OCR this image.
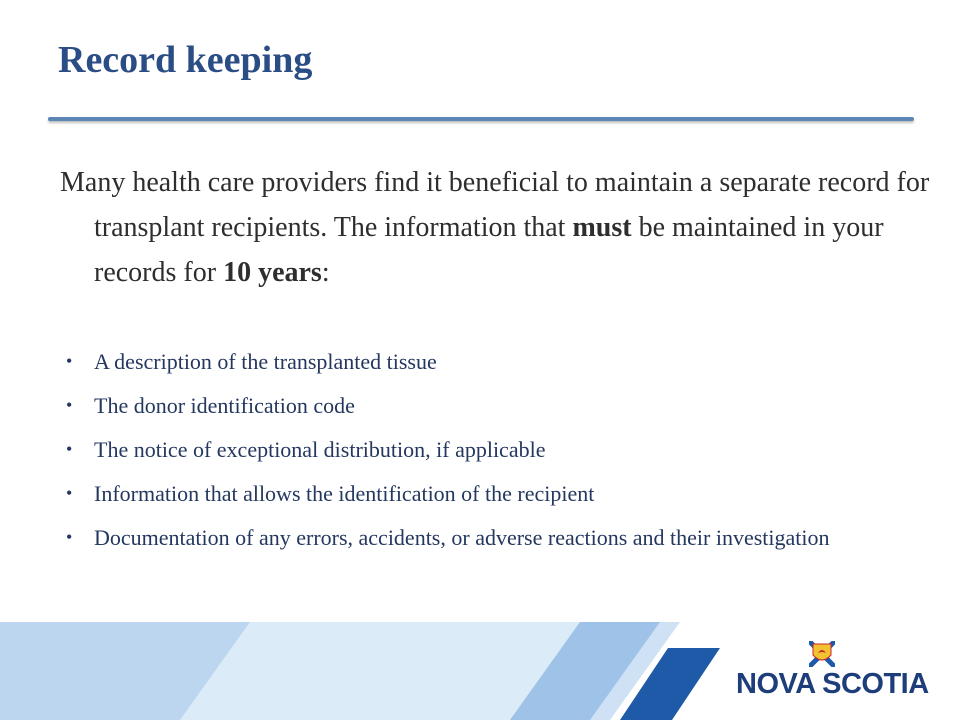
Record keeping

Many health care providers find it beneficial to maintain a separate record for transplant recipients. The information that must be maintained in your records for 10 years:

• A description of the transplanted tissue
• The donor identification code
• The notice of exceptional distribution, if applicable
• Information that allows the identification of the recipient
• Documentation of any errors, accidents, or adverse reactions and their investigation
NOVA SCOTIA
